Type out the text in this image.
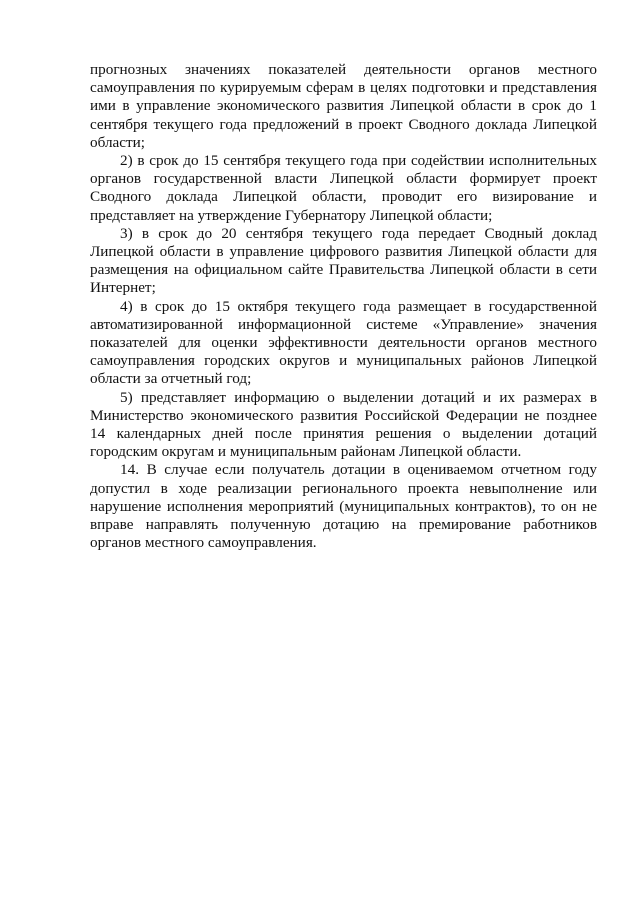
прогнозных значениях показателей деятельности органов местного самоуправления по курируемым сферам в целях подготовки и представления ими в управление экономического развития Липецкой области в срок до 1 сентября текущего года предложений в проект Сводного доклада Липецкой области;

2) в срок до 15 сентября текущего года при содействии исполнительных органов государственной власти Липецкой области формирует проект Сводного доклада Липецкой области, проводит его визирование и представляет на утверждение Губернатору Липецкой области;

3) в срок до 20 сентября текущего года передает Сводный доклад Липецкой области в управление цифрового развития Липецкой области для размещения на официальном сайте Правительства Липецкой области в сети Интернет;

4) в срок до 15 октября текущего года размещает в государственной автоматизированной информационной системе «Управление» значения показателей для оценки эффективности деятельности органов местного самоуправления городских округов и муниципальных районов Липецкой области за отчетный год;

5) представляет информацию о выделении дотаций и их размерах в Министерство экономического развития Российской Федерации не позднее 14 календарных дней после принятия решения о выделении дотаций городским округам и муниципальным районам Липецкой области.

14. В случае если получатель дотации в оцениваемом отчетном году допустил в ходе реализации регионального проекта невыполнение или нарушение исполнения мероприятий (муниципальных контрактов), то он не вправе направлять полученную дотацию на премирование работников органов местного самоуправления.
